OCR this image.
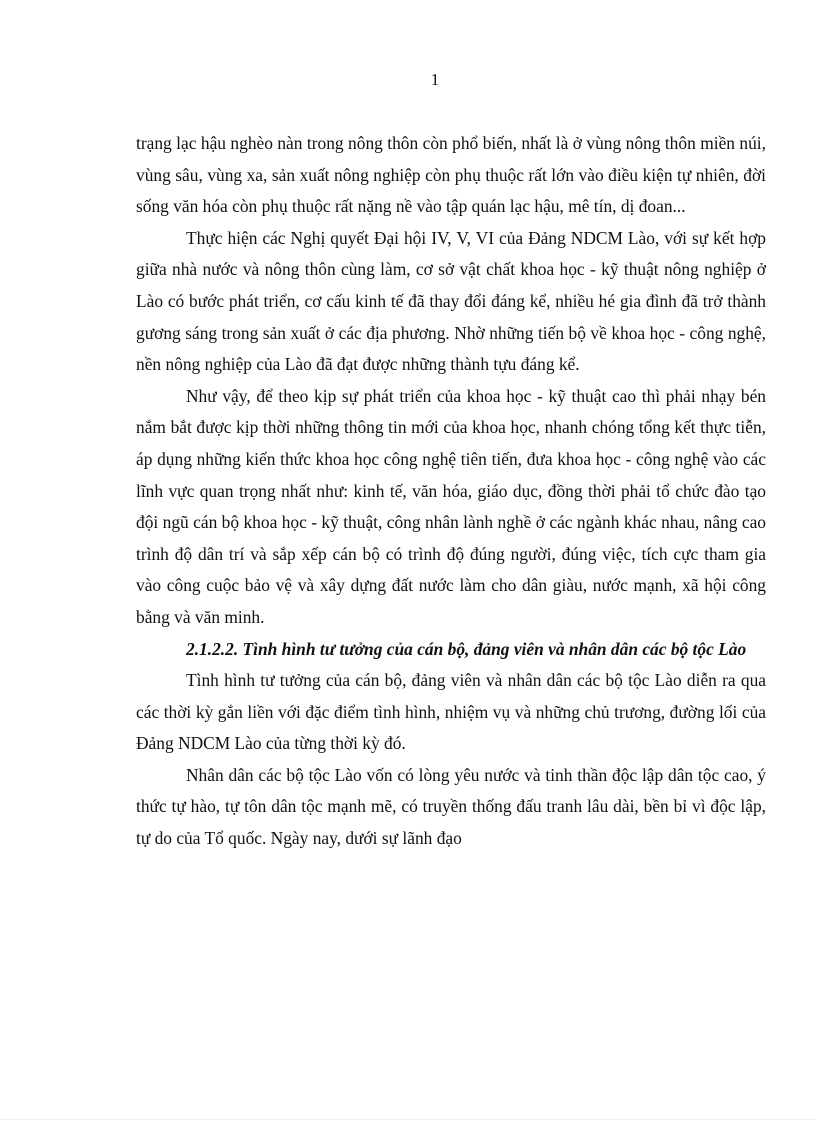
1

trạng lạc hậu nghèo nàn trong nông thôn còn phổ biến, nhất là ở vùng nông thôn miền núi, vùng sâu, vùng xa, sản xuất nông nghiệp còn phụ thuộc rất lớn vào điều kiện tự nhiên, đời sống văn hóa còn phụ thuộc rất nặng nề vào tập quán lạc hậu, mê tín, dị đoan...

Thực hiện các Nghị quyết Đại hội IV, V, VI của Đảng NDCM Lào, với sự kết hợp giữa nhà nước và nông thôn cùng làm, cơ sở vật chất khoa học - kỹ thuật nông nghiệp ở Lào có bước phát triển, cơ cấu kinh tế đã thay đổi đáng kể, nhiều hé gia đình đã trở thành gương sáng trong sản xuất ở các địa phương. Nhờ những tiến bộ về khoa học - công nghệ, nền nông nghiệp của Lào đã đạt được những thành tựu đáng kể.

Như vậy, để theo kịp sự phát triển của khoa học - kỹ thuật cao thì phải nhạy bén nắm bắt được kịp thời những thông tin mới của khoa học, nhanh chóng tổng kết thực tiễn, áp dụng những kiến thức khoa học công nghệ tiên tiến, đưa khoa học - công nghệ vào các lĩnh vực quan trọng nhất như: kinh tế, văn hóa, giáo dục, đồng thời phải tổ chức đào tạo đội ngũ cán bộ khoa học - kỹ thuật, công nhân lành nghề ở các ngành khác nhau, nâng cao trình độ dân trí và sắp xếp cán bộ có trình độ đúng người, đúng việc, tích cực tham gia vào công cuộc bảo vệ và xây dựng đất nước làm cho dân giàu, nước mạnh, xã hội công bằng và văn minh.

2.1.2.2. Tình hình tư tưởng của cán bộ, đảng viên và nhân dân các bộ tộc Lào

Tình hình tư tưởng của cán bộ, đảng viên và nhân dân các bộ tộc Lào diễn ra qua các thời kỳ gắn liền với đặc điểm tình hình, nhiệm vụ và những chủ trương, đường lối của Đảng NDCM Lào của từng thời kỳ đó.

Nhân dân các bộ tộc Lào vốn có lòng yêu nước và tinh thần độc lập dân tộc cao, ý thức tự hào, tự tôn dân tộc mạnh mẽ, có truyền thống đấu tranh lâu dài, bền bỉ vì độc lập, tự do của Tổ quốc. Ngày nay, dưới sự lãnh đạo
